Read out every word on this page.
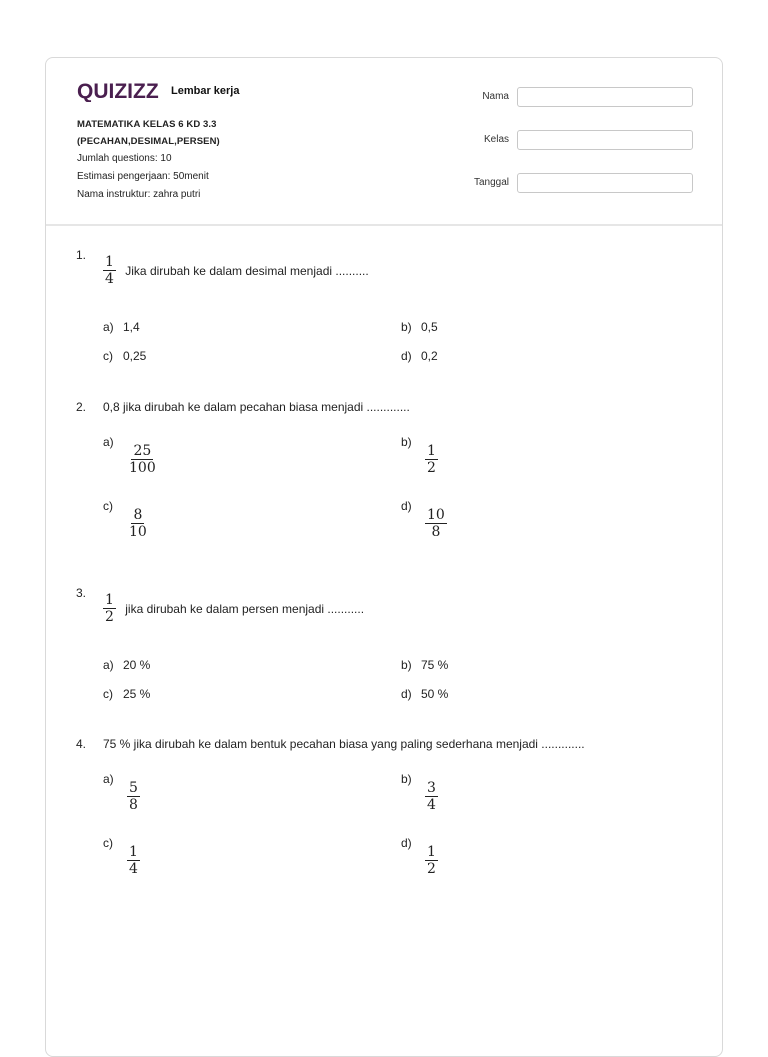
QUIZIZZ Lembar kerja
MATEMATIKA KELAS 6 KD 3.3
(PECAHAN,DESIMAL,PERSEN)
Jumlah questions: 10
Estimasi pengerjaan: 50menit
Nama instruktur: zahra putri
Nama
Kelas
Tanggal
1. $\frac{1}{4}$ Jika dirubah ke dalam desimal menjadi ..........
a) 1,4	b) 0,5
c) 0,25	d) 0,2
2. 0,8 jika dirubah ke dalam pecahan biasa menjadi .............
a)
$\frac{25}{100}$
b)
$\frac{1}{2}$
c)
$\frac{8}{10}$
d)
$\frac{10}{8}$
3. $\frac{1}{2}$ jika dirubah ke dalam persen menjadi ...........
a) 20 %	b) 75 %
c) 25 %	d) 50 %
4. 75 % jika dirubah ke dalam bentuk pecahan biasa yang paling sederhana menjadi .............
a)
$\frac{5}{8}$
b)
$\frac{3}{4}$
c)
$\frac{1}{4}$
d)
$\frac{1}{2}$
